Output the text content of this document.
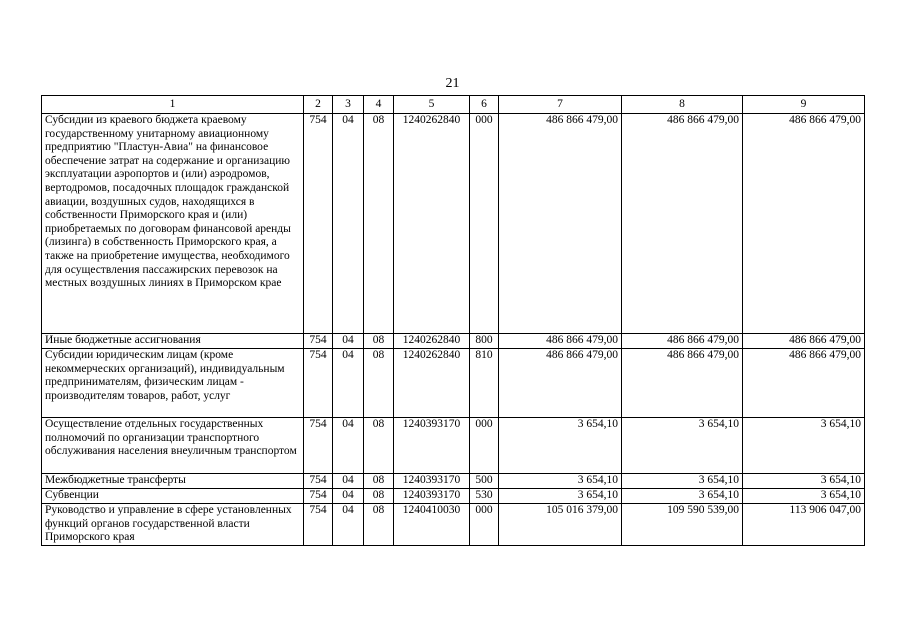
21
1	2	3	4	5	6	7	8	9
Субсидии из краевого бюджета краевому государственному унитарному авиационному предприятию "Пластун-Авиа" на финансовое обеспечение затрат на содержание и организацию эксплуатации аэропортов и (или) аэродромов, вертодромов, посадочных площадок гражданской авиации, воздушных судов, находящихся в собственности Приморского края и (или) приобретаемых по договорам финансовой аренды (лизинга) в собственность Приморского края, а также на приобретение имущества, необходимого для осуществления пассажирских перевозок на местных воздушных линиях в Приморском крае	754	04	08	1240262840	000	486 866 479,00	486 866 479,00	486 866 479,00
Иные бюджетные ассигнования	754	04	08	1240262840	800	486 866 479,00	486 866 479,00	486 866 479,00
Субсидии юридическим лицам (кроме некоммерческих организаций), индивидуальным предпринимателям, физическим лицам - производителям товаров, работ, услуг	754	04	08	1240262840	810	486 866 479,00	486 866 479,00	486 866 479,00
Осуществление отдельных государственных полномочий по организации транспортного обслуживания населения внеуличным транспортом	754	04	08	1240393170	000	3 654,10	3 654,10	3 654,10
Межбюджетные трансферты	754	04	08	1240393170	500	3 654,10	3 654,10	3 654,10
Субвенции	754	04	08	1240393170	530	3 654,10	3 654,10	3 654,10
Руководство и управление в сфере установленных функций органов государственной власти Приморского края	754	04	08	1240410030	000	105 016 379,00	109 590 539,00	113 906 047,00
